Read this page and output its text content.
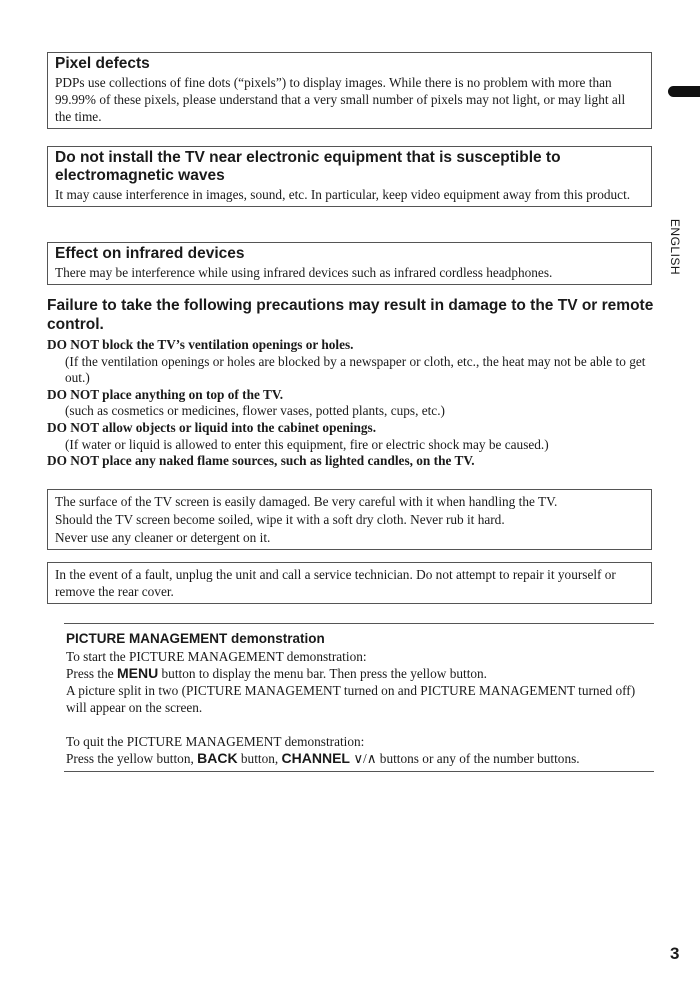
ENGLISH
Pixel defects

PDPs use collections of fine dots (“pixels”) to display images. While there is no problem with more than 99.99% of these pixels, please understand that a very small number of pixels may not light, or may light all the time.

Do not install the TV near electronic equipment that is susceptible to electromagnetic waves

It may cause interference in images, sound, etc. In particular, keep video equipment away from this product.

Effect on infrared devices

There may be interference while using infrared devices such as infrared cordless headphones.

Failure to take the following precautions may result in damage to the TV or remote control.

DO NOT block the TV’s ventilation openings or holes.

(If the ventilation openings or holes are blocked by a newspaper or cloth, etc., the heat may not be able to get out.)

DO NOT place anything on top of the TV.

(such as cosmetics or medicines, flower vases, potted plants, cups, etc.)

DO NOT allow objects or liquid into the cabinet openings.

(If water or liquid is allowed to enter this equipment, fire or electric shock may be caused.)

DO NOT place any naked flame sources, such as lighted candles, on the TV.

The surface of the TV screen is easily damaged. Be very careful with it when handling the TV.

Should the TV screen become soiled, wipe it with a soft dry cloth. Never rub it hard.

Never use any cleaner or detergent on it.

In the event of a fault, unplug the unit and call a service technician. Do not attempt to repair it yourself or remove the rear cover.

PICTURE MANAGEMENT demonstration

To start the PICTURE MANAGEMENT demonstration:

Press the MENU button to display the menu bar. Then press the yellow button.

A picture split in two (PICTURE MANAGEMENT turned on and PICTURE MANAGEMENT turned off) will appear on the screen.

To quit the PICTURE MANAGEMENT demonstration:

Press the yellow button, BACK button, CHANNEL ∨/∧ buttons or any of the number buttons.

3
